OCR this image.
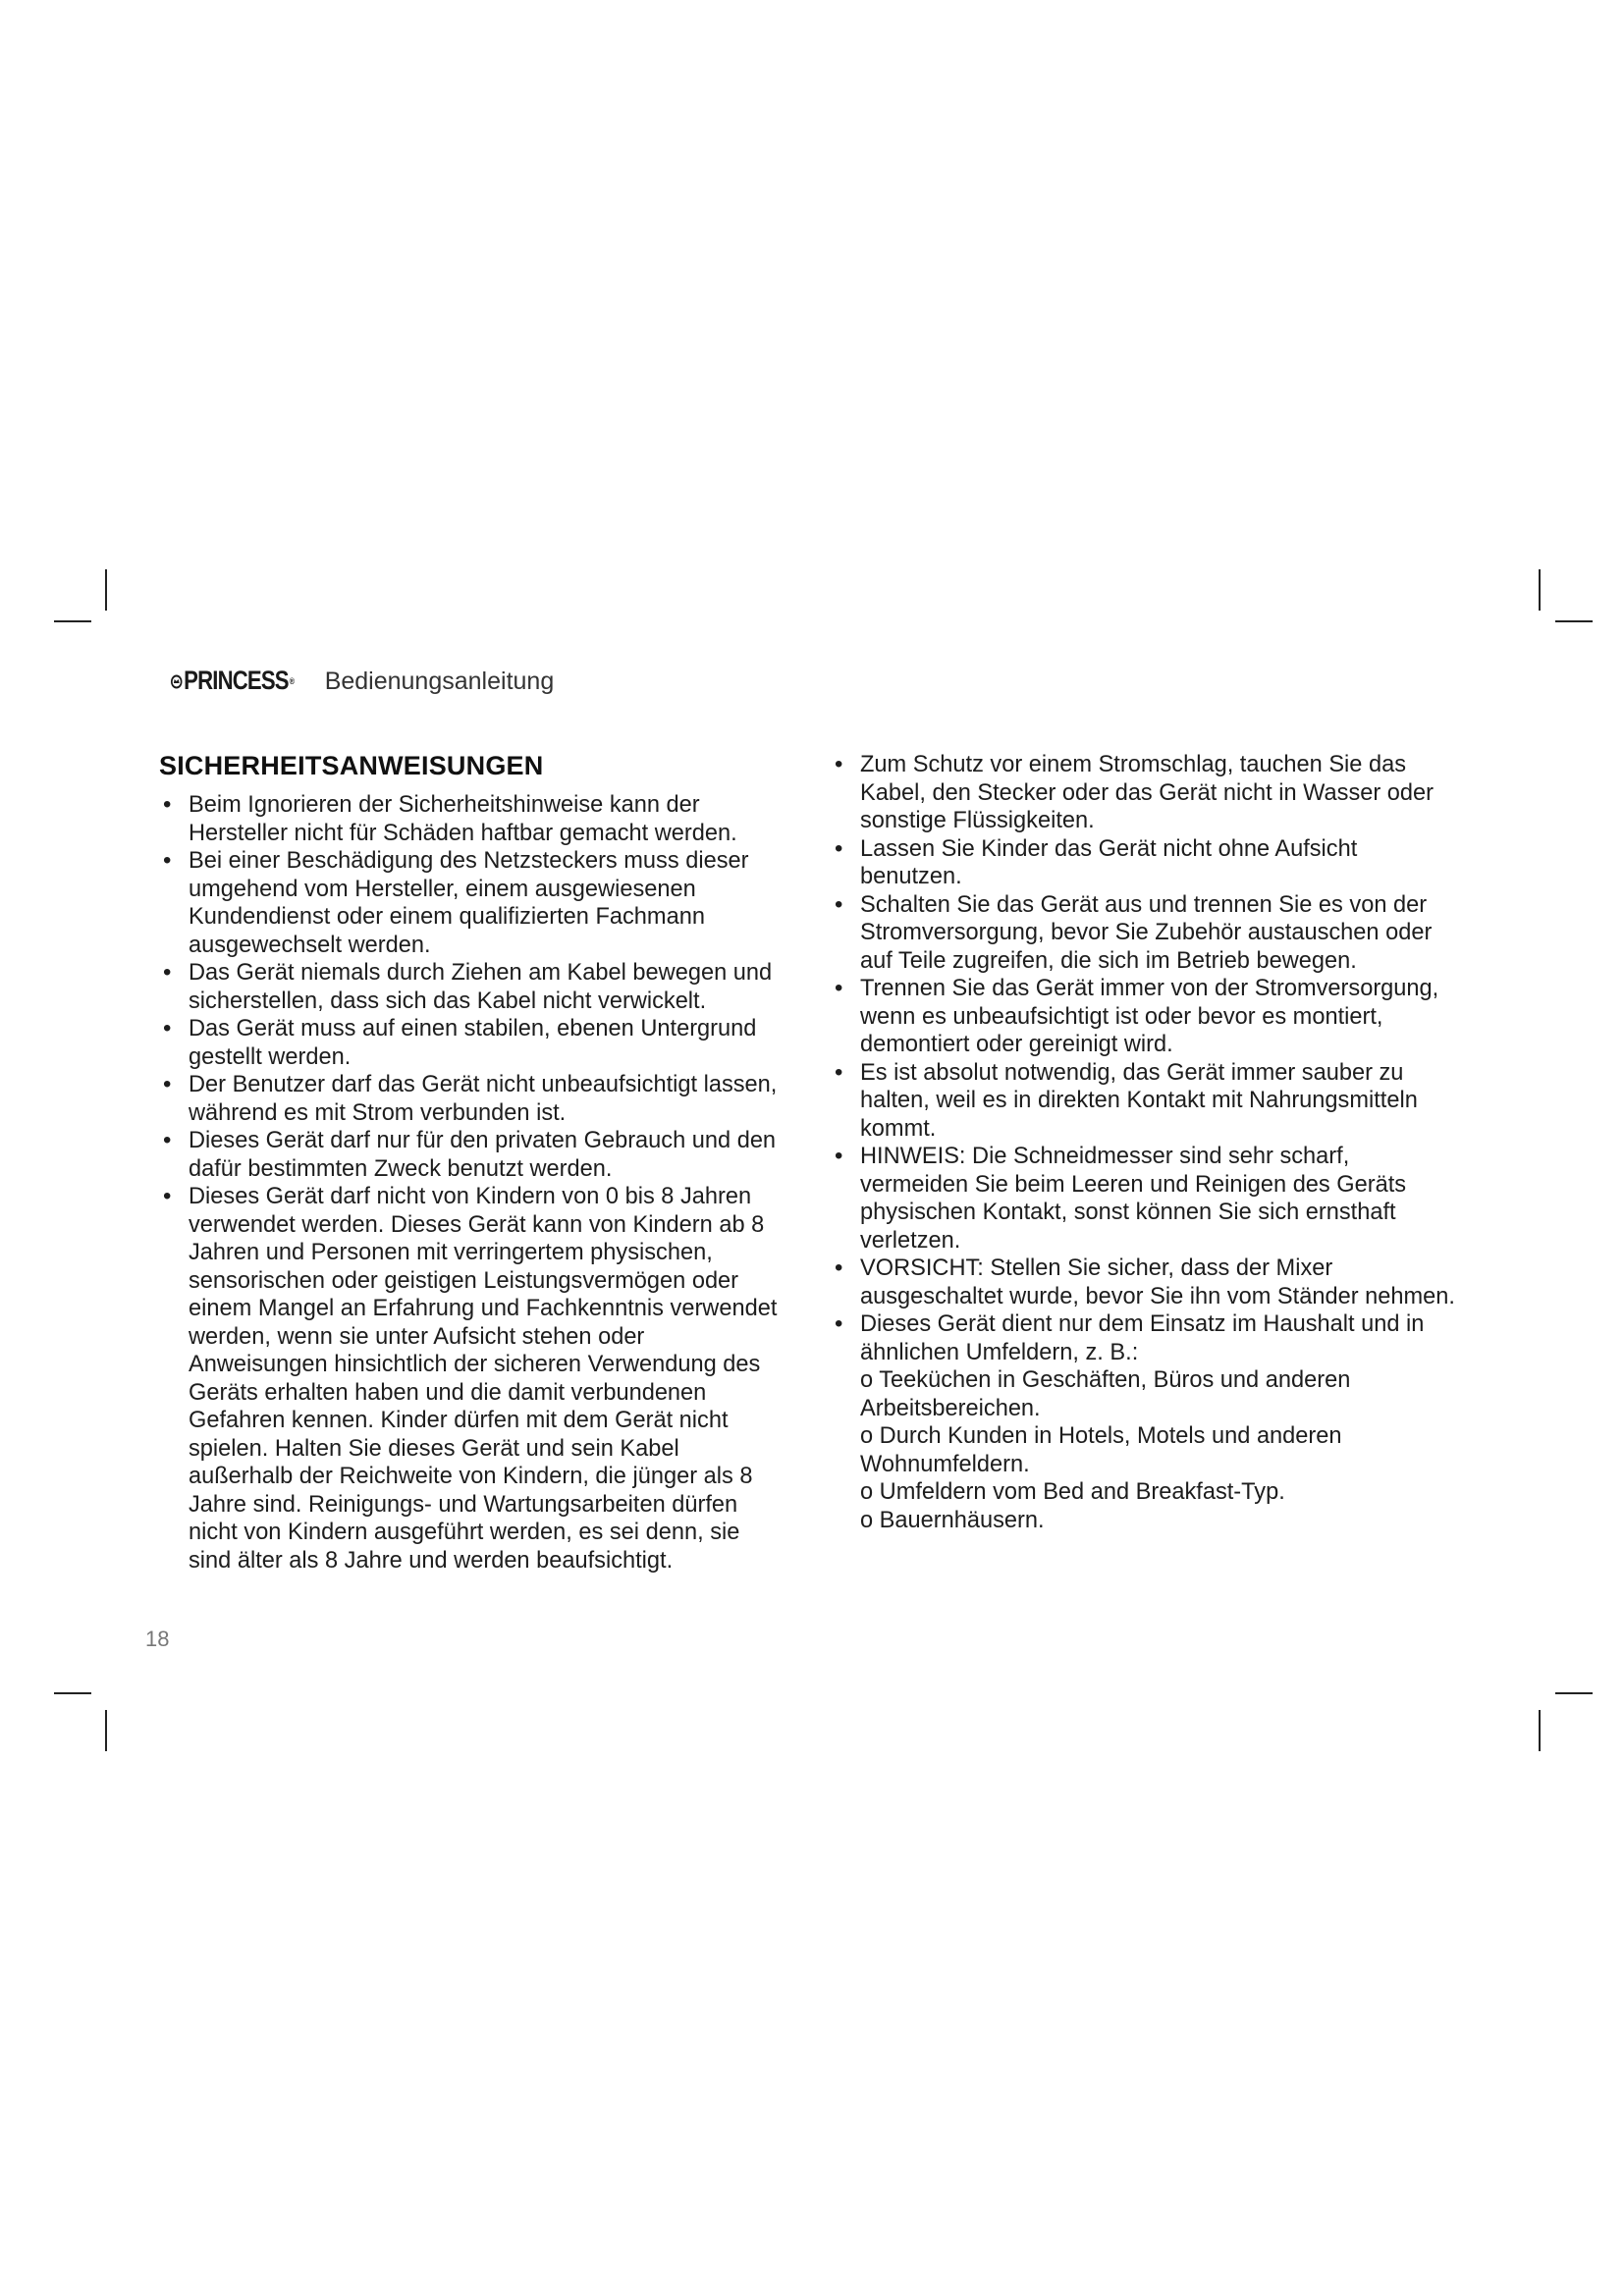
PRINCESS ® Bedienungsanleitung
SICHERHEITSANWEISUNGEN
• Beim Ignorieren der Sicherheitshinweise kann der Hersteller nicht für Schäden haftbar gemacht werden.
• Bei einer Beschädigung des Netzsteckers muss dieser umgehend vom Hersteller, einem ausgewiesenen Kundendienst oder einem qualifizierten Fachmann ausgewechselt werden.
• Das Gerät niemals durch Ziehen am Kabel bewegen und sicherstellen, dass sich das Kabel nicht verwickelt.
• Das Gerät muss auf einen stabilen, ebenen Untergrund gestellt werden.
• Der Benutzer darf das Gerät nicht unbeaufsichtigt lassen, während es mit Strom verbunden ist.
• Dieses Gerät darf nur für den privaten Gebrauch und den dafür bestimmten Zweck benutzt werden.
• Dieses Gerät darf nicht von Kindern von 0 bis 8 Jahren verwendet werden. Dieses Gerät kann von Kindern ab 8 Jahren und Personen mit verringertem physischen, sensorischen oder geistigen Leistungsvermögen oder einem Mangel an Erfahrung und Fachkenntnis verwendet werden, wenn sie unter Aufsicht stehen oder Anweisungen hinsichtlich der sicheren Verwendung des Geräts erhalten haben und die damit verbundenen Gefahren kennen. Kinder dürfen mit dem Gerät nicht spielen. Halten Sie dieses Gerät und sein Kabel außerhalb der Reichweite von Kindern, die jünger als 8 Jahre sind. Reinigungs- und Wartungsarbeiten dürfen nicht von Kindern ausgeführt werden, es sei denn, sie sind älter als 8 Jahre und werden beaufsichtigt.
• Zum Schutz vor einem Stromschlag, tauchen Sie das Kabel, den Stecker oder das Gerät nicht in Wasser oder sonstige Flüssigkeiten.
• Lassen Sie Kinder das Gerät nicht ohne Aufsicht benutzen.
• Schalten Sie das Gerät aus und trennen Sie es von der Stromversorgung, bevor Sie Zubehör austauschen oder auf Teile zugreifen, die sich im Betrieb bewegen.
• Trennen Sie das Gerät immer von der Stromversorgung, wenn es unbeaufsichtigt ist oder bevor es montiert, demontiert oder gereinigt wird.
• Es ist absolut notwendig, das Gerät immer sauber zu halten, weil es in direkten Kontakt mit Nahrungsmitteln kommt.
• HINWEIS: Die Schneidmesser sind sehr scharf, vermeiden Sie beim Leeren und Reinigen des Geräts physischen Kontakt, sonst können Sie sich ernsthaft verletzen.
• VORSICHT: Stellen Sie sicher, dass der Mixer ausgeschaltet wurde, bevor Sie ihn vom Ständer nehmen.
• Dieses Gerät dient nur dem Einsatz im Haushalt und in ähnlichen Umfeldern, z. B.:
o Teeküchen in Geschäften, Büros und anderen Arbeitsbereichen.
o Durch Kunden in Hotels, Motels und anderen Wohnumfeldern.
o Umfeldern vom Bed and Breakfast-Typ.
o Bauernhäusern.
18
